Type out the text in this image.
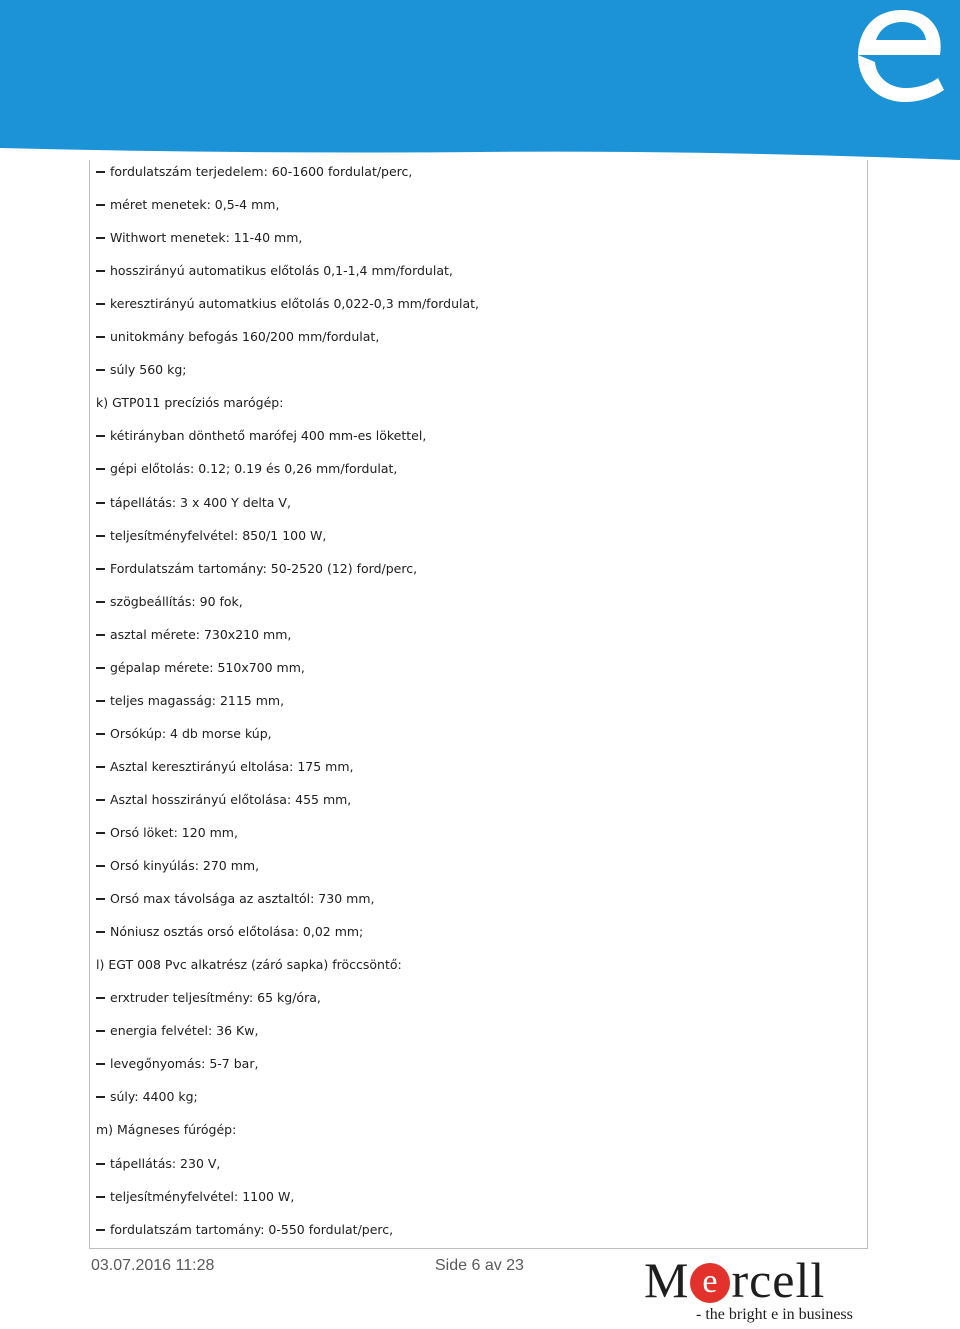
fordulatszám terjedelem: 60-1600 fordulat/perc,
méret menetek: 0,5-4 mm,
Withwort menetek: 11-40 mm,
hosszirányú automatikus előtolás 0,1-1,4 mm/fordulat,
keresztirányú automatkius előtolás 0,022-0,3 mm/fordulat,
unitokmány befogás 160/200 mm/fordulat,
súly 560 kg;
k) GTP011 precíziós marógép:
kétirányban dönthető marófej 400 mm-es lökettel,
gépi előtolás: 0.12; 0.19 és 0,26 mm/fordulat,
tápellátás: 3 x 400 Y delta V,
teljesítményfelvétel: 850/1 100 W,
Fordulatszám tartomány: 50-2520 (12) ford/perc,
szögbeállítás: 90 fok,
asztal mérete: 730x210 mm,
gépalap mérete: 510x700 mm,
teljes magasság: 2115 mm,
Orsókúp: 4 db morse kúp,
Asztal keresztirányú eltolása: 175 mm,
Asztal hosszirányú előtolása: 455 mm,
Orsó löket: 120 mm,
Orsó kinyúlás: 270 mm,
Orsó max távolsága az asztaltól: 730 mm,
Nóniusz osztás orsó előtolása: 0,02 mm;
l) EGT 008 Pvc alkatrész (záró sapka) fröccsöntő:
erxtruder teljesítmény: 65 kg/óra,
energia felvétel: 36 Kw,
levegőnyomás: 5-7 bar,
súly: 4400 kg;
m) Mágneses fúrógép:
tápellátás: 230 V,
teljesítményfelvétel: 1100 W,
fordulatszám tartomány: 0-550 fordulat/perc,
03.07.2016 11:28	Side 6 av 23 M e rcell
- the bright e in business
